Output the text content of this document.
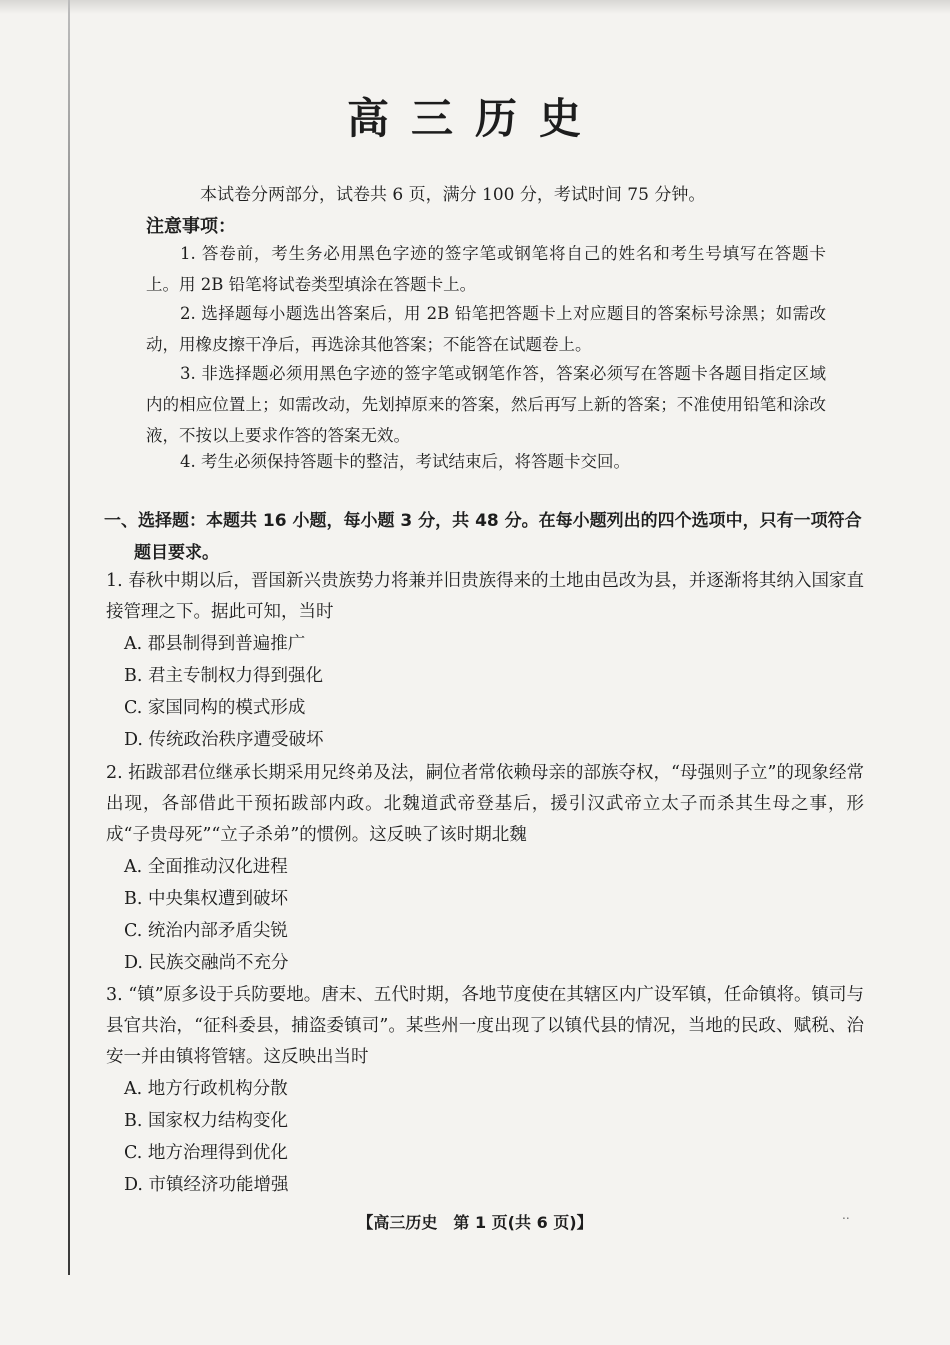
高三历史
本试卷分两部分，试卷共 6 页，满分 100 分，考试时间 75 分钟。
注意事项：
1. 答卷前，考生务必用黑色字迹的签字笔或钢笔将自己的姓名和考生号填写在答题卡上。用 2B 铅笔将试卷类型填涂在答题卡上。
2. 选择题每小题选出答案后，用 2B 铅笔把答题卡上对应题目的答案标号涂黑；如需改动，用橡皮擦干净后，再选涂其他答案；不能答在试题卷上。
3. 非选择题必须用黑色字迹的签字笔或钢笔作答，答案必须写在答题卡各题目指定区域内的相应位置上；如需改动，先划掉原来的答案，然后再写上新的答案；不准使用铅笔和涂改液，不按以上要求作答的答案无效。
4. 考生必须保持答题卡的整洁，考试结束后，将答题卡交回。
一、选择题：本题共 16 小题，每小题 3 分，共 48 分。在每小题列出的四个选项中，只有一项符合
题目要求。
1. 春秋中期以后，晋国新兴贵族势力将兼并旧贵族得来的土地由邑改为县，并逐渐将其纳入国家直接管理之下。据此可知，当时
A. 郡县制得到普遍推广
B. 君主专制权力得到强化
C. 家国同构的模式形成
D. 传统政治秩序遭受破坏
2. 拓跋部君位继承长期采用兄终弟及法，嗣位者常依赖母亲的部族夺权，“母强则子立”的现象经常出现，各部借此干预拓跋部内政。北魏道武帝登基后，援引汉武帝立太子而杀其生母之事，形成“子贵母死”“立子杀弟”的惯例。这反映了该时期北魏
A. 全面推动汉化进程
B. 中央集权遭到破坏
C. 统治内部矛盾尖锐
D. 民族交融尚不充分
3. “镇”原多设于兵防要地。唐末、五代时期，各地节度使在其辖区内广设军镇，任命镇将。镇司与县官共治，“征科委县，捕盗委镇司”。某些州一度出现了以镇代县的情况，当地的民政、赋税、治安一并由镇将管辖。这反映出当时
A. 地方行政机构分散
B. 国家权力结构变化
C. 地方治理得到优化
D. 市镇经济功能增强
【高三历史　第 1 页(共 6 页)】	..
